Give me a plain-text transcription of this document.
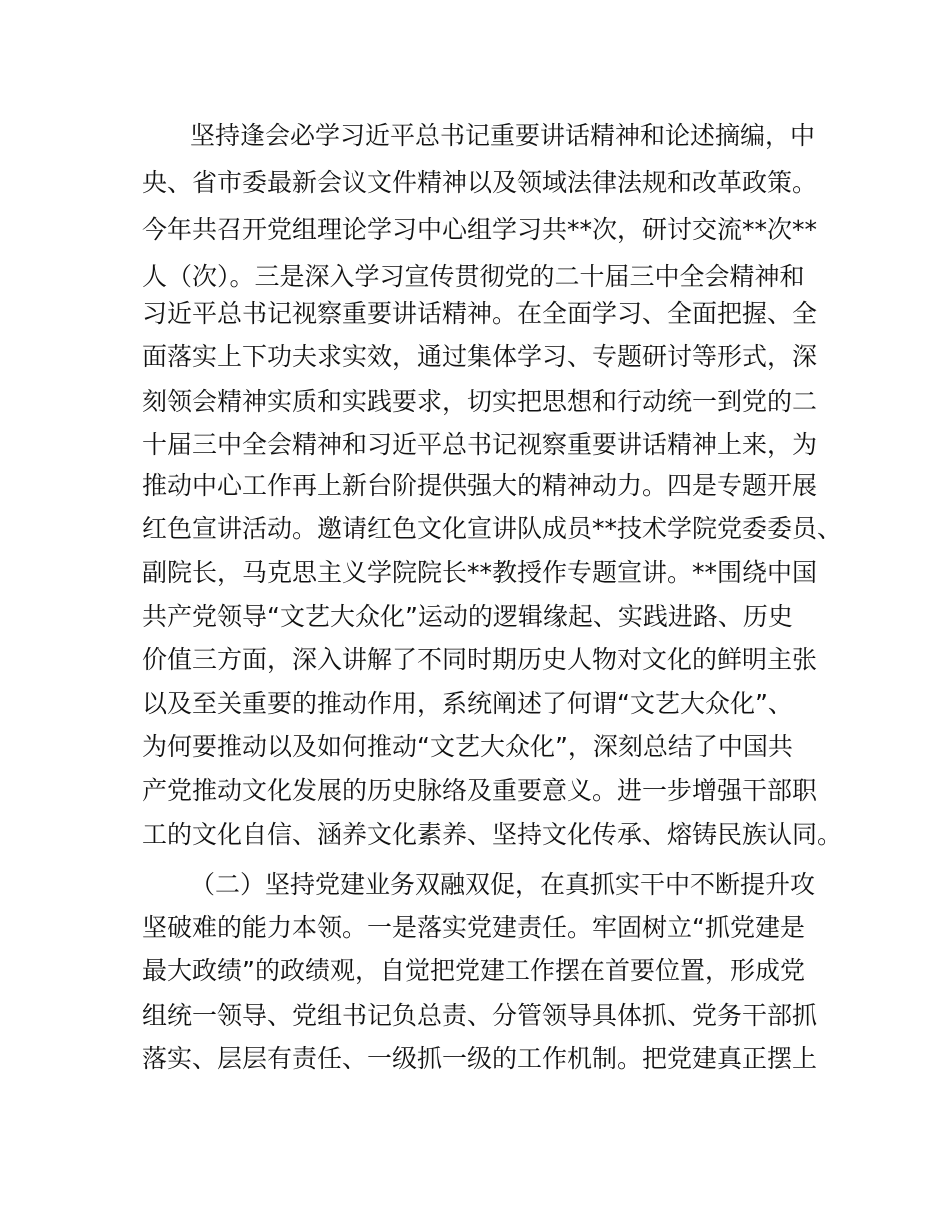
坚持逢会必学习近平总书记重要讲话精神和论述摘编，中
央、省市委最新会议文件精神以及领域法律法规和改革政策。
今年共召开党组理论学习中心组学习共**次，研讨交流**次**
人（次）。三是深入学习宣传贯彻党的二十届三中全会精神和
习近平总书记视察重要讲话精神。在全面学习、全面把握、全
面落实上下功夫求实效，通过集体学习、专题研讨等形式，深
刻领会精神实质和实践要求，切实把思想和行动统一到党的二
十届三中全会精神和习近平总书记视察重要讲话精神上来，为
推动中心工作再上新台阶提供强大的精神动力。四是专题开展
红色宣讲活动。邀请红色文化宣讲队成员**技术学院党委委员、
副院长，马克思主义学院院长**教授作专题宣讲。**围绕中国
共产党领导“文艺大众化”运动的逻辑缘起、实践进路、历史
价值三方面，深入讲解了不同时期历史人物对文化的鲜明主张
以及至关重要的推动作用，系统阐述了何谓“文艺大众化”、
为何要推动以及如何推动“文艺大众化”，深刻总结了中国共
产党推动文化发展的历史脉络及重要意义。进一步增强干部职
工的文化自信、涵养文化素养、坚持文化传承、熔铸民族认同。
（二）坚持党建业务双融双促，在真抓实干中不断提升攻
坚破难的能力本领。一是落实党建责任。牢固树立“抓党建是
最大政绩”的政绩观，自觉把党建工作摆在首要位置，形成党
组统一领导、党组书记负总责、分管领导具体抓、党务干部抓
落实、层层有责任、一级抓一级的工作机制。把党建真正摆上
